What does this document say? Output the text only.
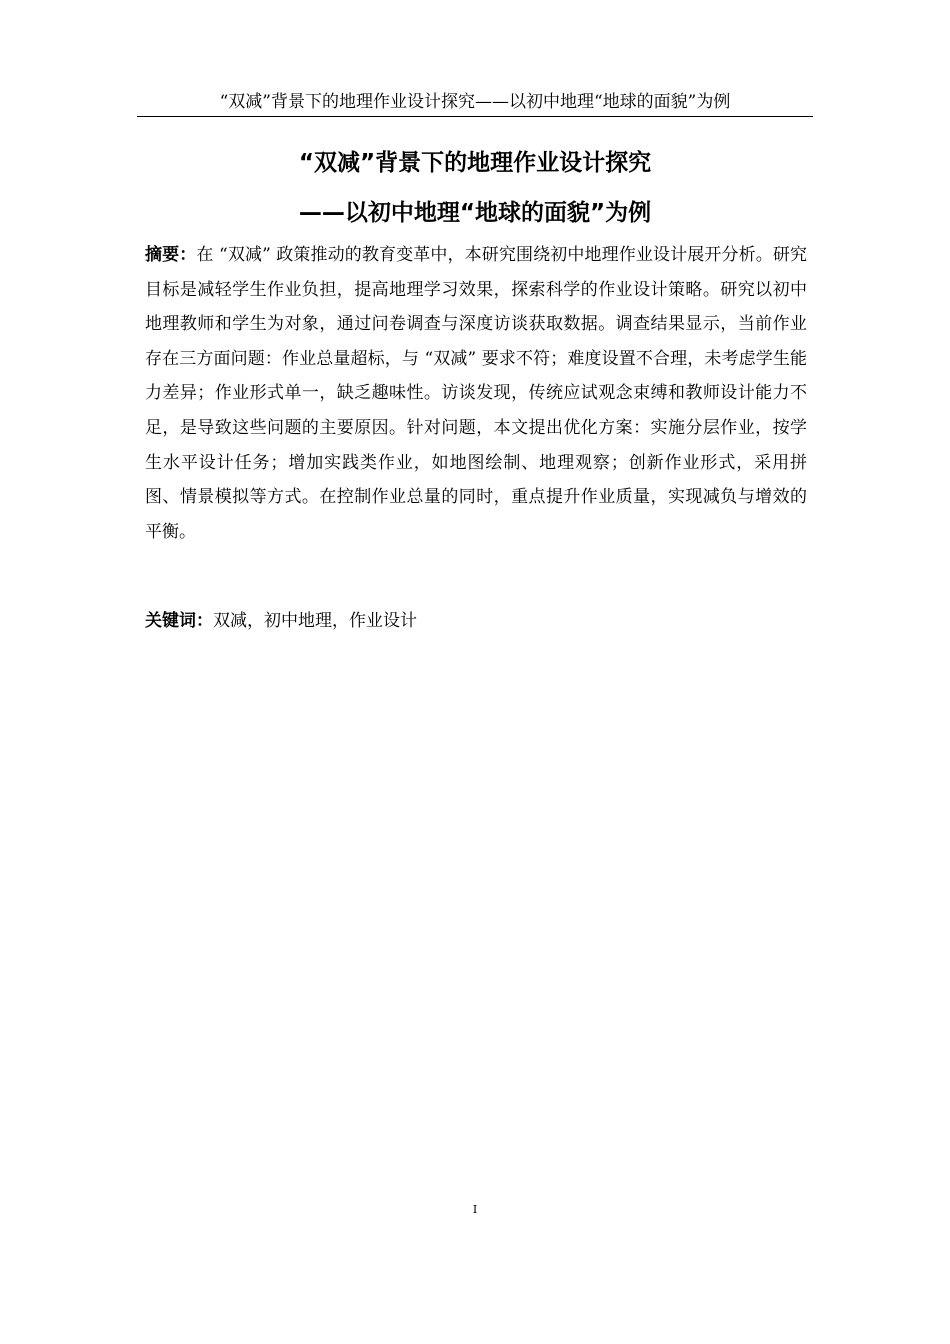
“双减”背景下的地理作业设计探究——以初中地理“地球的面貌”为例
“双减”背景下的地理作业设计探究
——以初中地理“地球的面貌”为例
摘要：在 “双减” 政策推动的教育变革中，本研究围绕初中地理作业设计展开分析。研究目标是减轻学生作业负担，提高地理学习效果，探索科学的作业设计策略。研究以初中地理教师和学生为对象，通过问卷调查与深度访谈获取数据。调查结果显示，当前作业存在三方面问题：作业总量超标，与 “双减” 要求不符；难度设置不合理，未考虑学生能力差异；作业形式单一，缺乏趣味性。访谈发现，传统应试观念束缚和教师设计能力不足，是导致这些问题的主要原因。针对问题，本文提出优化方案：实施分层作业，按学生水平设计任务；增加实践类作业，如地图绘制、地理观察；创新作业形式，采用拼图、情景模拟等方式。在控制作业总量的同时，重点提升作业质量，实现减负与增效的平衡。
关键词：双减，初中地理，作业设计
I
